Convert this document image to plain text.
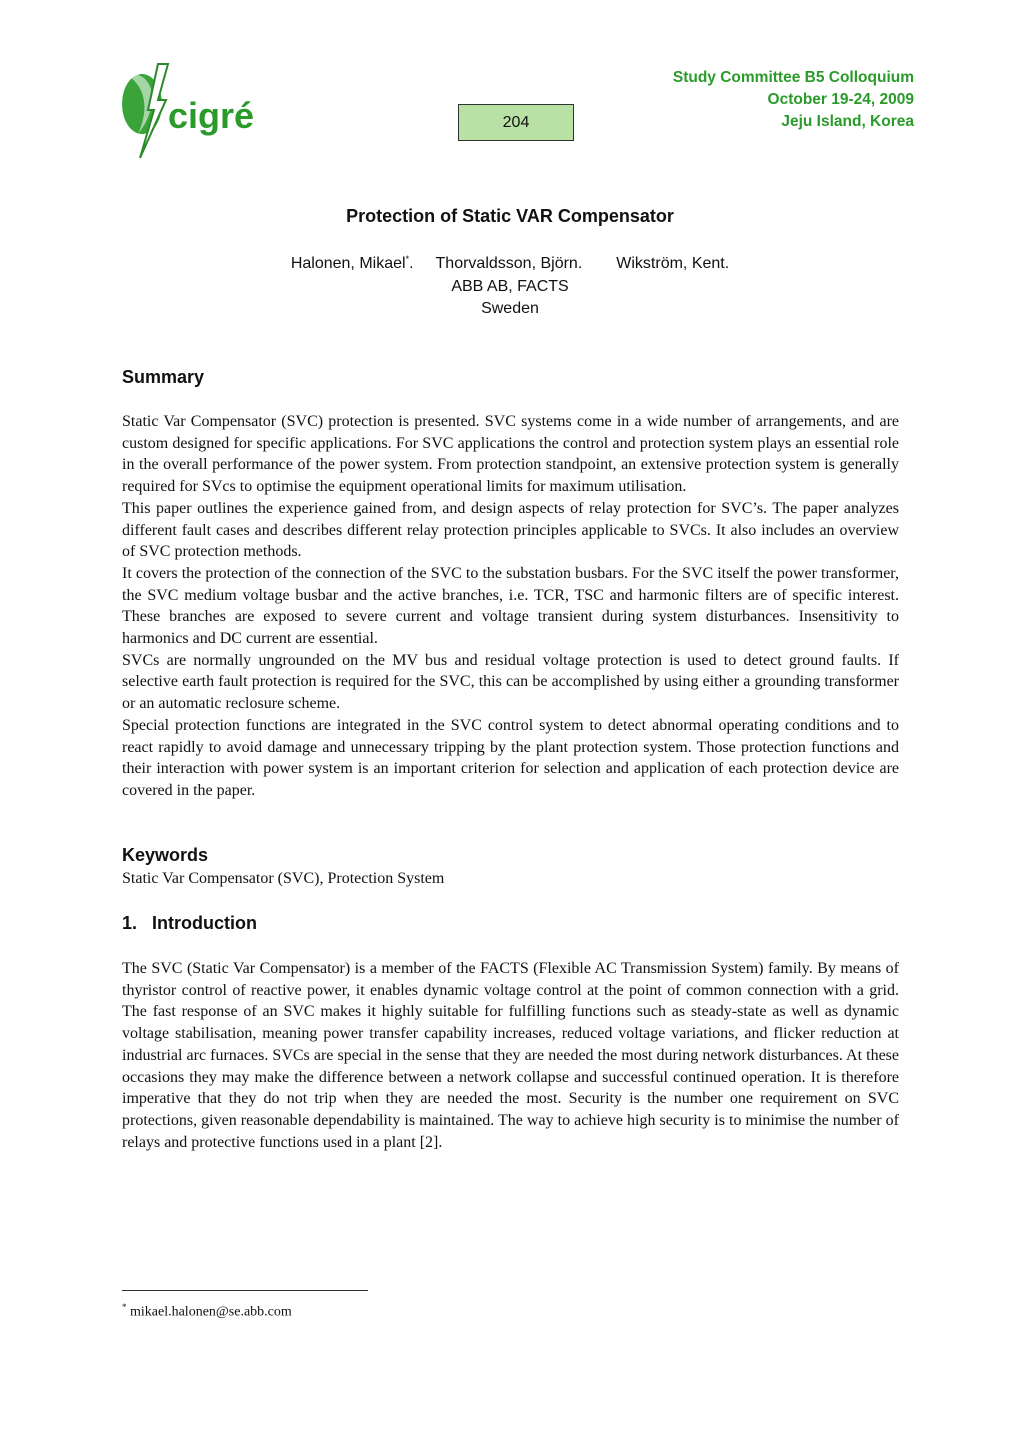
cigré	204
Study Committee B5 Colloquium
October 19-24, 2009
Jeju Island, Korea
Protection of Static VAR Compensator
Halonen, Mikael*. Thorvaldsson, Björn. Wikström, Kent.
ABB AB, FACTS
Sweden
Summary

Static Var Compensator (SVC) protection is presented. SVC systems come in a wide number of arrangements, and are custom designed for specific applications. For SVC applications the control and protection system plays an essential role in the overall performance of the power system. From protection standpoint, an extensive protection system is generally required for SVcs to optimise the equipment operational limits for maximum utilisation.

This paper outlines the experience gained from, and design aspects of relay protection for SVC’s. The paper analyzes different fault cases and describes different relay protection principles applicable to SVCs. It also includes an overview of SVC protection methods.

It covers the protection of the connection of the SVC to the substation busbars. For the SVC itself the power transformer, the SVC medium voltage busbar and the active branches, i.e. TCR, TSC and harmonic filters are of specific interest. These branches are exposed to severe current and voltage transient during system disturbances. Insensitivity to harmonics and DC current are essential.

SVCs are normally ungrounded on the MV bus and residual voltage protection is used to detect ground faults. If selective earth fault protection is required for the SVC, this can be accomplished by using either a grounding transformer or an automatic reclosure scheme.

Special protection functions are integrated in the SVC control system to detect abnormal operating conditions and to react rapidly to avoid damage and unnecessary tripping by the plant protection system. Those protection functions and their interaction with power system is an important criterion for selection and application of each protection device are covered in the paper.

Keywords
Static Var Compensator (SVC), Protection System
1.   Introduction

The SVC (Static Var Compensator) is a member of the FACTS (Flexible AC Transmission System) family. By means of thyristor control of reactive power, it enables dynamic voltage control at the point of common connection with a grid. The fast response of an SVC makes it highly suitable for fulfilling functions such as steady-state as well as dynamic voltage stabilisation, meaning power transfer capability increases, reduced voltage variations, and flicker reduction at industrial arc furnaces. SVCs are special in the sense that they are needed the most during network disturbances. At these occasions they may make the difference between a network collapse and successful continued operation. It is therefore imperative that they do not trip when they are needed the most. Security is the number one requirement on SVC protections, given reasonable dependability is maintained. The way to achieve high security is to minimise the number of relays and protective functions used in a plant [2].

* mikael.halonen@se.abb.com
